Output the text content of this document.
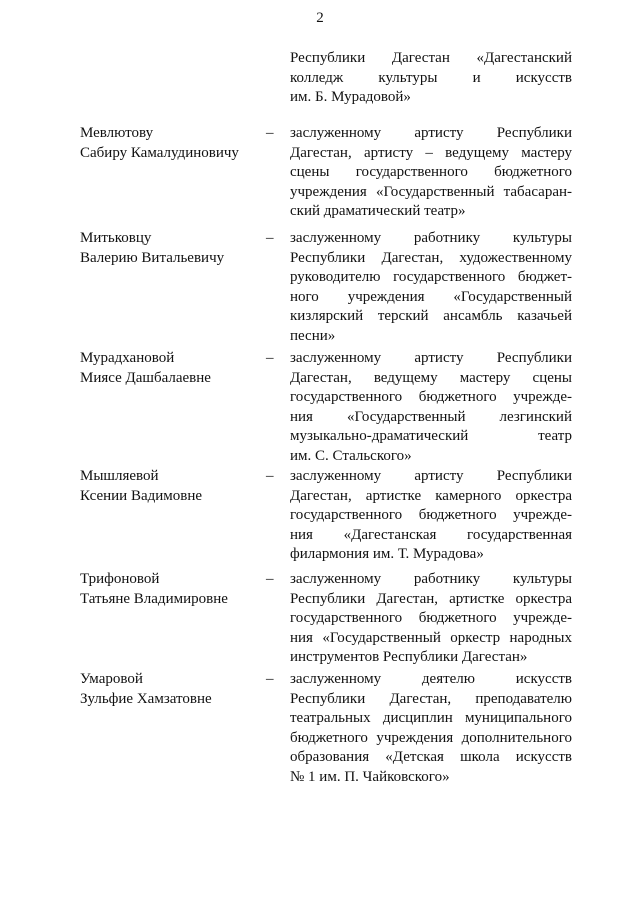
2
Республики Дагестан «Дагестанский
колледж культуры и искусств
им. Б. Мурадовой»
Мевлютову
Сабиру Камалудиновичу
– заслуженному артисту Республики
Дагестан, артисту – ведущему мастеру
сцены государственного бюджетного
учреждения «Государственный табасаран-
ский драматический театр»
Митьковцу
Валерию Витальевичу
– заслуженному работнику культуры
Республики Дагестан, художественному
руководителю государственного бюджет-
ного учреждения «Государственный
кизлярский терский ансамбль казачьей
песни»
Мурадхановой
Миясе Дашбалаевне
– заслуженному артисту Республики
Дагестан, ведущему мастеру сцены
государственного бюджетного учрежде-
ния «Государственный лезгинский
музыкально-драматический театр
им. С. Стальского»
Мышляевой
Ксении Вадимовне
– заслуженному артисту Республики
Дагестан, артистке камерного оркестра
государственного бюджетного учрежде-
ния «Дагестанская государственная
филармония им. Т. Мурадова»
Трифоновой
Татьяне Владимировне
– заслуженному работнику культуры
Республики Дагестан, артистке оркестра
государственного бюджетного учрежде-
ния «Государственный оркестр народных
инструментов Республики Дагестан»
Умаровой
Зульфие Хамзатовне
– заслуженному деятелю искусств
Республики Дагестан, преподавателю
театральных дисциплин муниципального
бюджетного учреждения дополнительного
образования «Детская школа искусств
№ 1 им. П. Чайковского»
